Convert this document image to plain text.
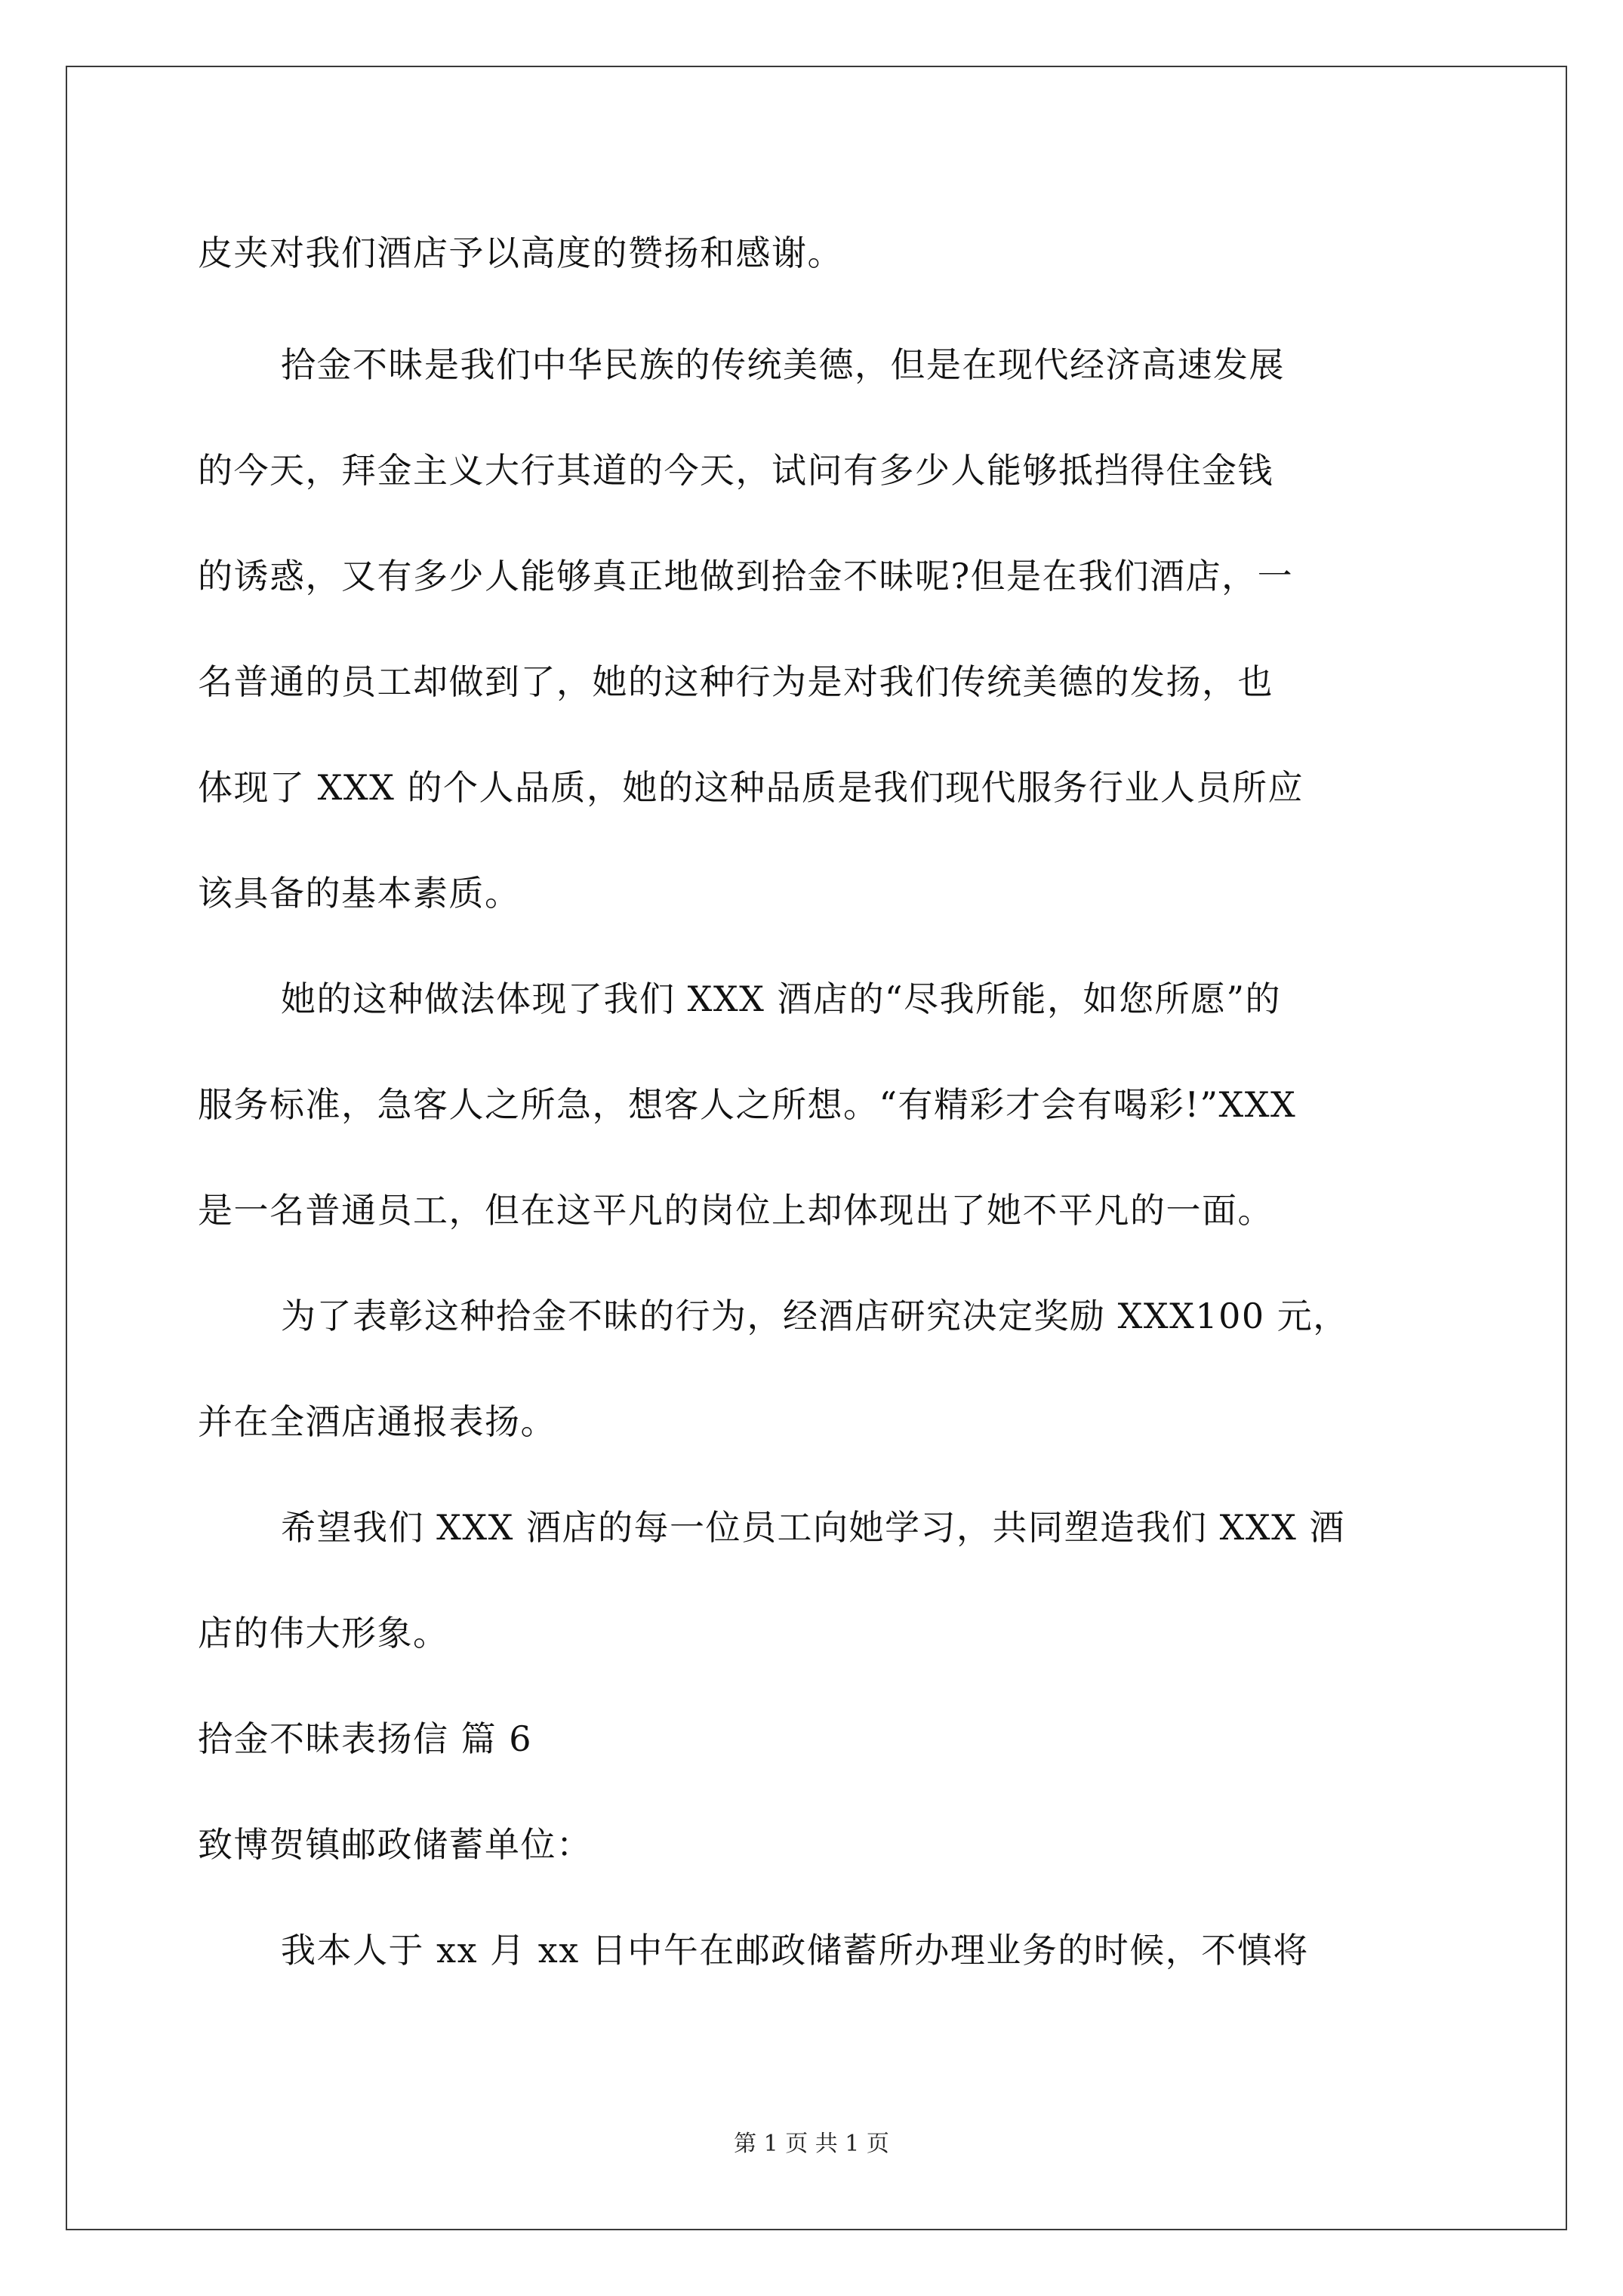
皮夹对我们酒店予以高度的赞扬和感谢。
拾金不昧是我们中华民族的传统美德，但是在现代经济高速发展
的今天，拜金主义大行其道的今天，试问有多少人能够抵挡得住金钱
的诱惑，又有多少人能够真正地做到拾金不昧呢?但是在我们酒店，一
名普通的员工却做到了，她的这种行为是对我们传统美德的发扬，也
体现了 XXX 的个人品质，她的这种品质是我们现代服务行业人员所应
该具备的基本素质。
她的这种做法体现了我们 XXX 酒店的“尽我所能，如您所愿”的
服务标准，急客人之所急，想客人之所想。“有精彩才会有喝彩!”XXX
是一名普通员工，但在这平凡的岗位上却体现出了她不平凡的一面。
为了表彰这种拾金不昧的行为，经酒店研究决定奖励 XXX100 元，
并在全酒店通报表扬。
希望我们 XXX 酒店的每一位员工向她学习，共同塑造我们 XXX 酒
店的伟大形象。
拾金不昧表扬信 篇 6
致博贺镇邮政储蓄单位：
我本人于 xx 月 xx 日中午在邮政储蓄所办理业务的时候，不慎将
第 1 页 共 1 页
